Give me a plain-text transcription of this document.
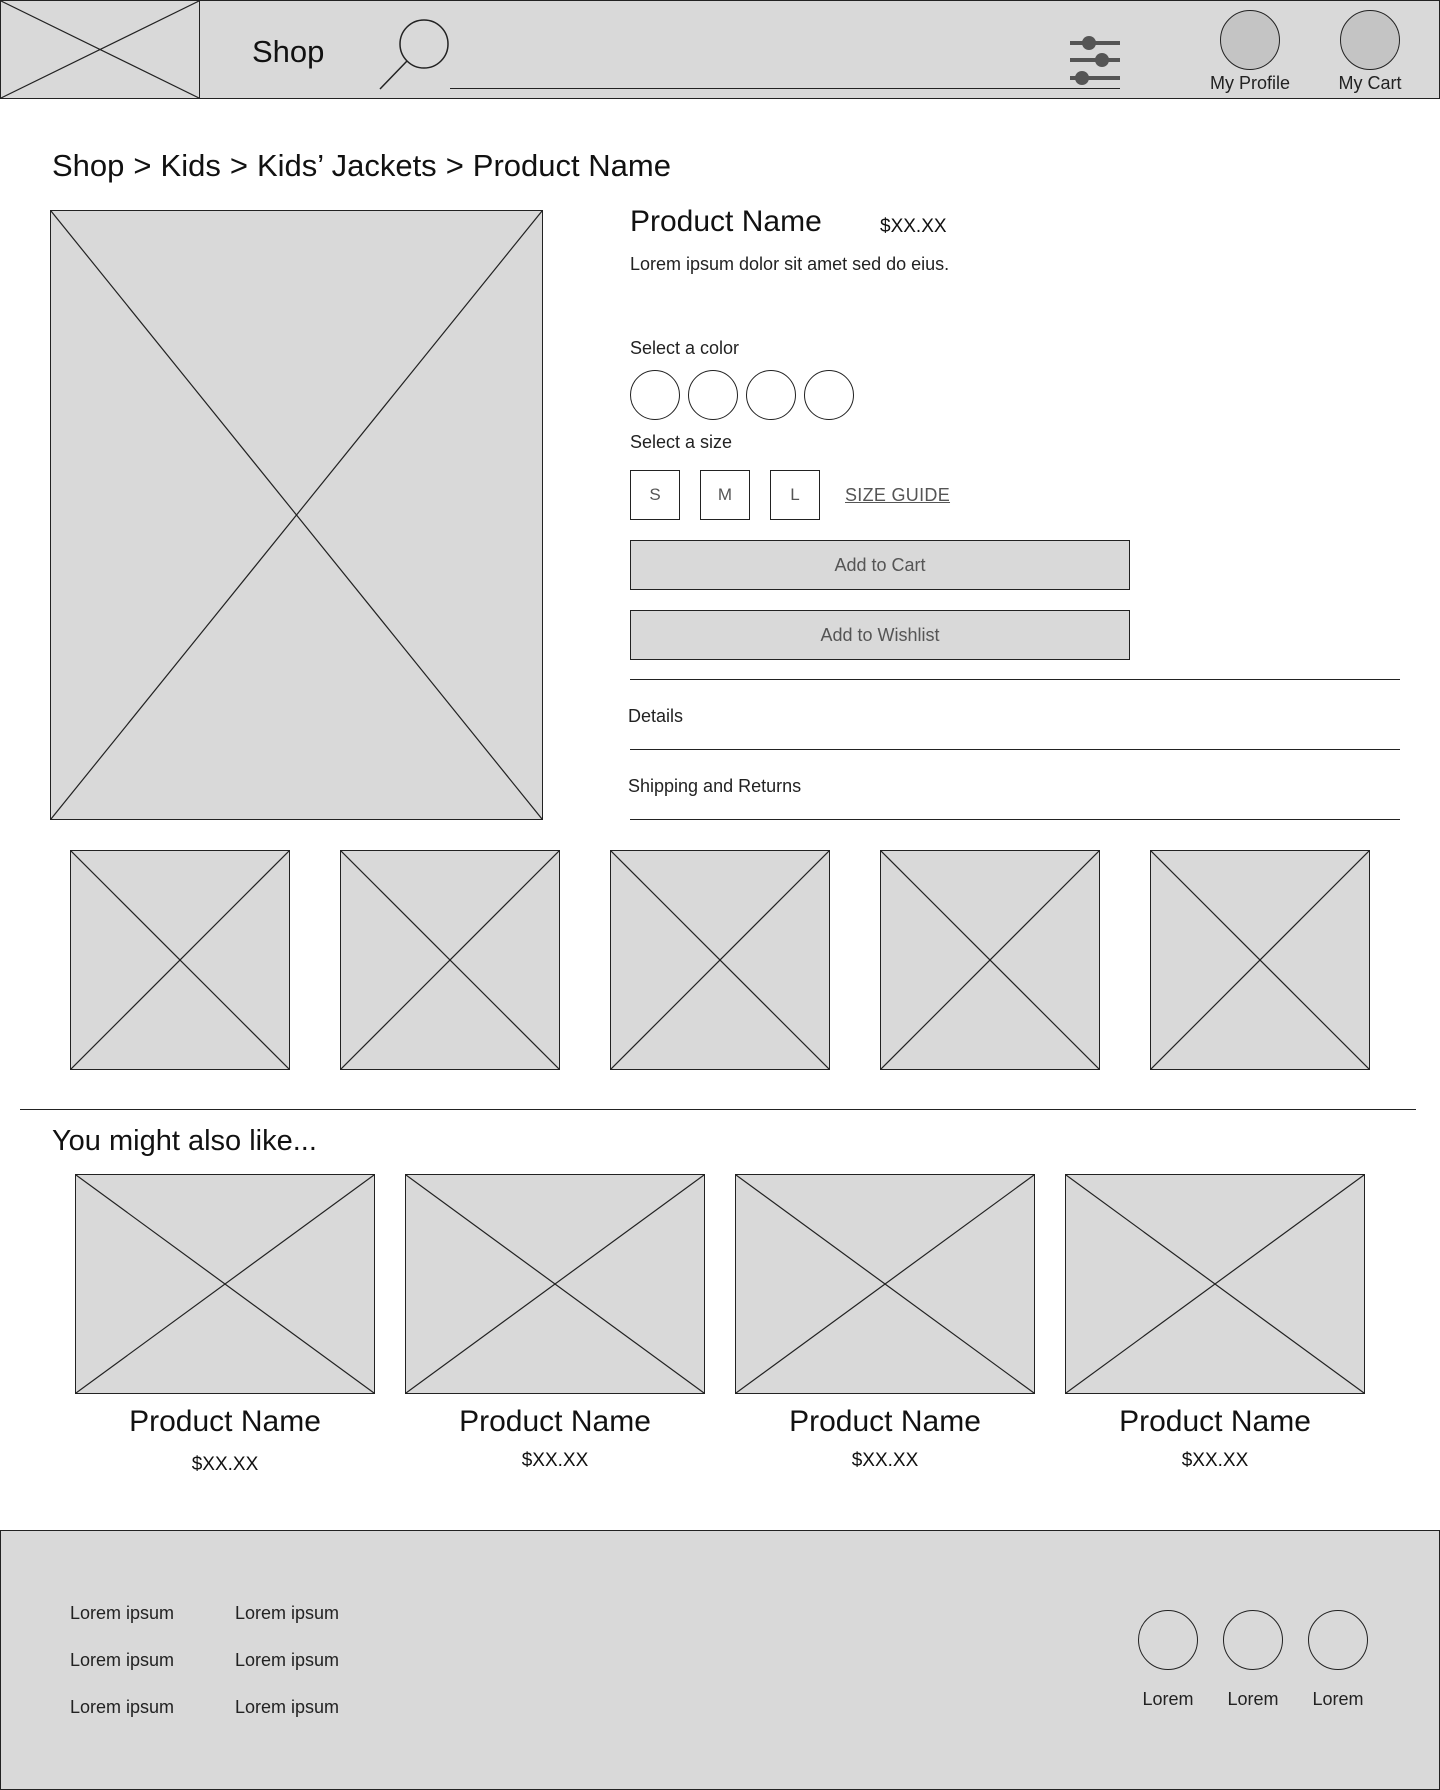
Shop
My Profile	My Cart
Shop > Kids > Kids’ Jackets > Product Name
Product Name	$XX.XX
Lorem ipsum dolor sit amet sed do eius.
Select a color
Select a size
S	M	L	SIZE GUIDE
Add to Cart
Add to Wishlist
Details
Shipping and Returns
You might also like...
Product Name	Product Name	Product Name	Product Name
$XX.XX	$XX.XX	$XX.XX	$XX.XX
Lorem ipsum
Lorem ipsum
Lorem ipsum
Lorem ipsum
Lorem ipsum
Lorem ipsum	Lorem	Lorem	Lorem
